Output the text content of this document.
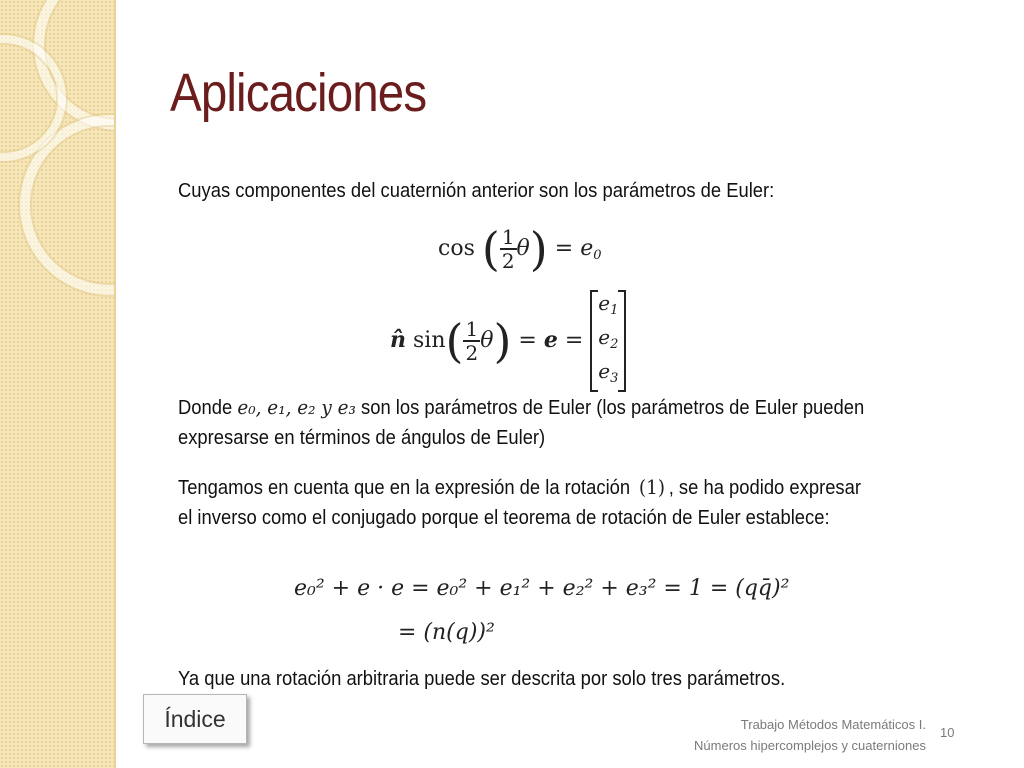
Aplicaciones

Cuyas componentes del cuaternión anterior son los parámetros de Euler:

cos ( $\frac{1}{2} \theta) = e_0$
n̂ $\sin( \frac{1}{2} \theta) = e$ =
$e_1$
$e_2$
$e_3$

Donde e₀, e₁, e₂ y e₃ son los parámetros de Euler (los parámetros de Euler pueden expresarse en términos de ángulos de Euler)

Tengamos en cuenta que en la expresión de la rotación (1) , se ha podido expresar el inverso como el conjugado porque el teorema de rotación de Euler establece:

e₀² + e · e = e₀² + e₁² + e₂² + e₃² = 1 = (qq̄)²
= (n(q))²

Ya que una rotación arbitraria puede ser descrita por solo tres parámetros.

Índice	Trabajo Métodos Matemáticos I.
Números hipercomplejos y cuaterniones
10
